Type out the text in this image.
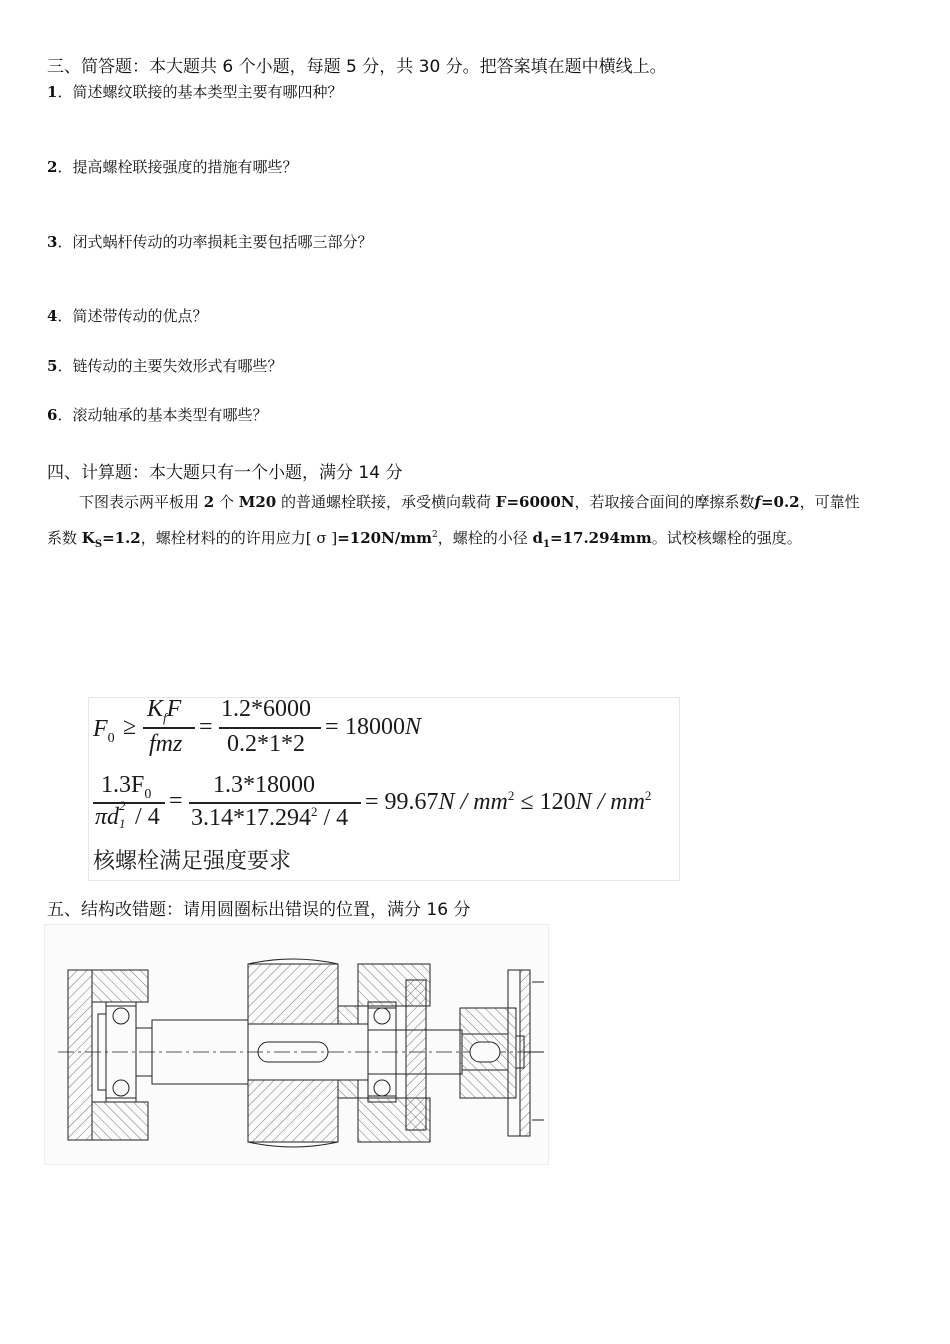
三、简答题：本大题共 6 个小题，每题 5 分，共 30 分。把答案填在题中横线上。
1．简述螺纹联接的基本类型主要有哪四种？
2．提高螺栓联接强度的措施有哪些？
3．闭式蜗杆传动的功率损耗主要包括哪三部分？
4．简述带传动的优点？
5．链传动的主要失效形式有哪些？
6．滚动轴承的基本类型有哪些？
四、计算题：本大题只有一个小题，满分 14 分
下图表示两平板用 2 个 M20 的普通螺栓联接，承受横向载荷 F=6000N，若取接合面间的摩擦系数f=0.2，可靠性
系数 $K_S=1.2$，螺栓材料的的许用应力[ σ ]$=120N/mm^2$，螺栓的小径 $d_1=17.294mm$。试校核螺栓的强度。
$F_0$ ≥
$K_fF$
fmz
=
1.2*6000
0.2*1*2
= 18000N
$1.3F_0$
πd 2
1 / 4
=
1.3*18000
3.14*17.294$^2$ / 4
= $99.67N / mm^2 \le 120N / mm^2$
核螺栓满足强度要求
五、结构改错题：请用圆圈标出错误的位置，满分 16 分
